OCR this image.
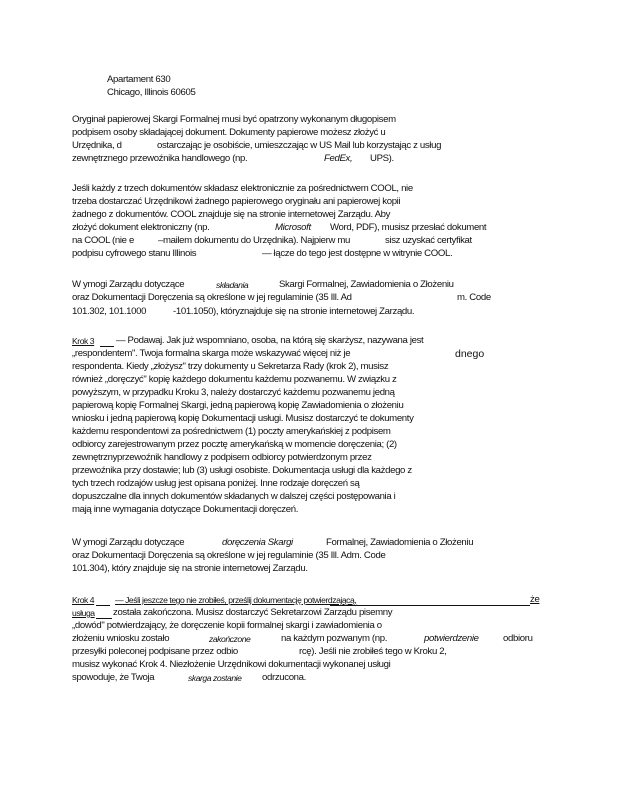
Apartament 630
Chicago, Illinois 60605
Oryginał papierowej Skargi Formalnej musi być opatrzony wykonanym długopisem
podpisem osoby składającej dokument. Dokumenty papierowe możesz złożyć u
Urzędnika, d	ostarczając je osobiście, umieszczając w US Mail lub korzystając z usług
zewnętrznego przewoźnika handlowego (np.	FedEx, UPS).
Jeśli każdy z trzech dokumentów składasz elektronicznie za pośrednictwem COOL, nie
trzeba dostarczać Urzędnikowi żadnego papierowego oryginału ani papierowej kopii
żadnego z dokumentów. COOL znajduje się na stronie internetowej Zarządu. Aby
złożyć dokument elektroniczny (np.	Microsoft Word, PDF), musisz przesłać dokument
na COOL (nie e	–mailem dokumentu do Urzędnika). Najpierw mu	sisz uzyskać certyfikat
podpisu cyfrowego stanu Illinois	— łącze do tego jest dostępne w witrynie COOL.
W ymogi Zarządu dotyczące	składania	Skargi Formalnej, Zawiadomienia o Złożeniu
oraz Dokumentacji Doręczenia są określone w jej regulaminie (35 Ill. Ad	m. Code
101.302, 101.1000	-101.1050), któryznajduje się na stronie internetowej Zarządu.
Krok 3 — Podawaj. Jak już wspomniano, osoba, na którą się skarżysz, nazywana jest
„respondentem". Twoja formalna skarga może wskazywać więcej niż je	dnego
respondenta. Kiedy „złożysz" trzy dokumenty u Sekretarza Rady (krok 2), musisz
również „doręczyć" kopię każdego dokumentu każdemu pozwanemu. W związku z
powyższym, w przypadku Kroku 3, należy dostarczyć każdemu pozwanemu jedną
papierową kopię Formalnej Skargi, jedną papierową kopię Zawiadomienia o złożeniu
wniosku i jedną papierową kopię Dokumentacji usługi. Musisz dostarczyć te dokumenty
każdemu respondentowi za pośrednictwem (1) poczty amerykańskiej z podpisem
odbiorcy zarejestrowanym przez pocztę amerykańską w momencie doręczenia; (2)
zewnętrznyprzewoźnik handlowy z podpisem odbiorcy potwierdzonym przez
przewoźnika przy dostawie; lub (3) usługi osobiste. Dokumentacja usługi dla każdego z
tych trzech rodzajów usług jest opisana poniżej. Inne rodzaje doręczeń są
dopuszczalne dla innych dokumentów składanych w dalszej części postępowania i
mają inne wymagania dotyczące Dokumentacji doręczeń.
W ymogi Zarządu dotyczące	doręczenia Skargi	Formalnej, Zawiadomienia o Złożeniu
oraz Dokumentacji Doręczenia są określone w jej regulaminie (35 Ill. Adm. Code
101.304), który znajduje się na stronie internetowej Zarządu.
Krok 4 — Jeśli jeszcze tego nie zrobiłeś, prześlij dokumentację potwierdzającą,	że
usługa została zakończona. Musisz dostarczyć Sekretarzowi Zarządu pisemny
„dowód" potwierdzający, że doręczenie kopii formalnej skargi i zawiadomienia o
złożeniu wniosku zostało	zakończone	na każdym pozwanym (np.	potwierdzenie	odbioru
przesyłki poleconej podpisane przez odbio	rcę). Jeśli nie zrobiłeś tego w Kroku 2,
musisz wykonać Krok 4. Niezłożenie Urzędnikowi dokumentacji wykonanej usługi
spowoduje, że Twoja	skarga zostanie odrzucona.
